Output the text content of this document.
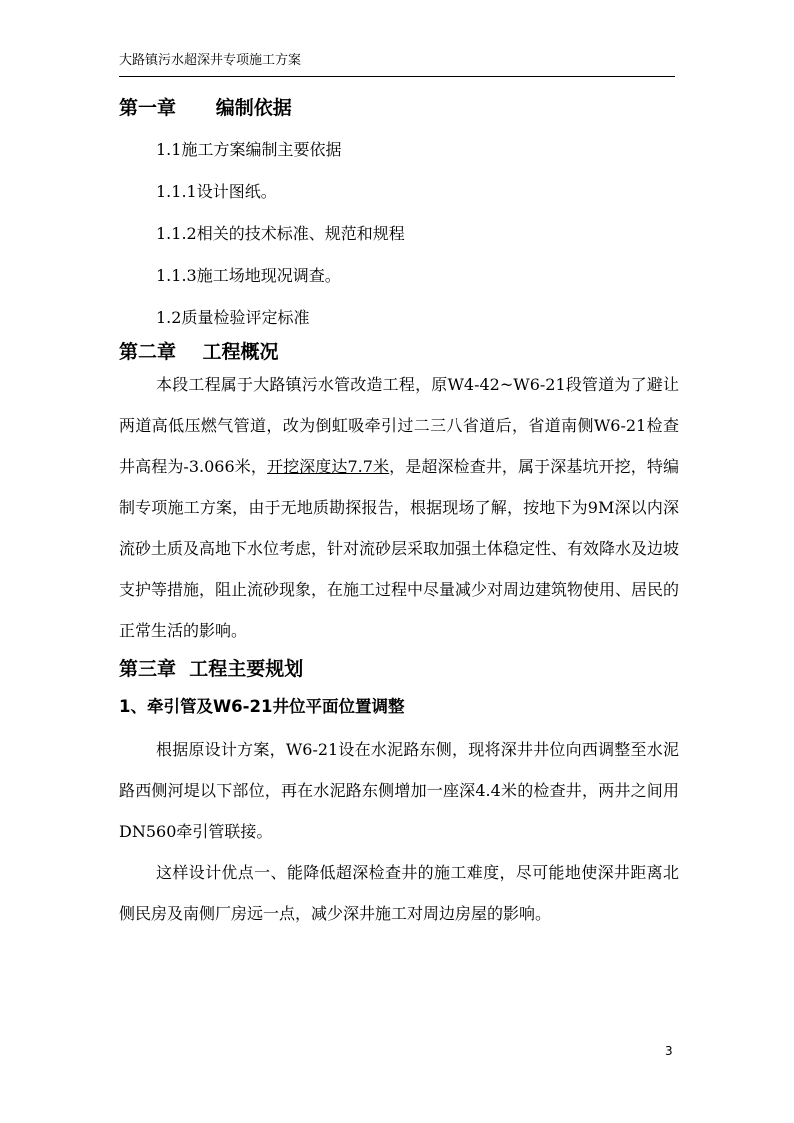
大路镇污水超深井专项施工方案
第一章      编制依据

1.1施工方案编制主要依据

1.1.1设计图纸。

1.1.2相关的技术标准、规范和规程

1.1.3施工场地现况调查。

1.2质量检验评定标准

第二章    工程概况

本段工程属于大路镇污水管改造工程，原W4-42~W6-21段管道为了避让两道高低压燃气管道，改为倒虹吸牵引过二三八省道后，省道南侧W6-21检查井高程为-3.066米，开挖深度达7.7米，是超深检查井，属于深基坑开挖，特编制专项施工方案，由于无地质勘探报告，根据现场了解，按地下为9M深以内深流砂土质及高地下水位考虑，针对流砂层采取加强土体稳定性、有效降水及边坡支护等措施，阻止流砂现象，在施工过程中尽量减少对周边建筑物使用、居民的正常生活的影响。

第三章  工程主要规划
1、牵引管及W6-21井位平面位置调整

根据原设计方案，W6-21设在水泥路东侧，现将深井井位向西调整至水泥路西侧河堤以下部位，再在水泥路东侧增加一座深4.4米的检查井，两井之间用DN560牵引管联接。

这样设计优点一、能降低超深检查井的施工难度，尽可能地使深井距离北侧民房及南侧厂房远一点，减少深井施工对周边房屋的影响。

3
